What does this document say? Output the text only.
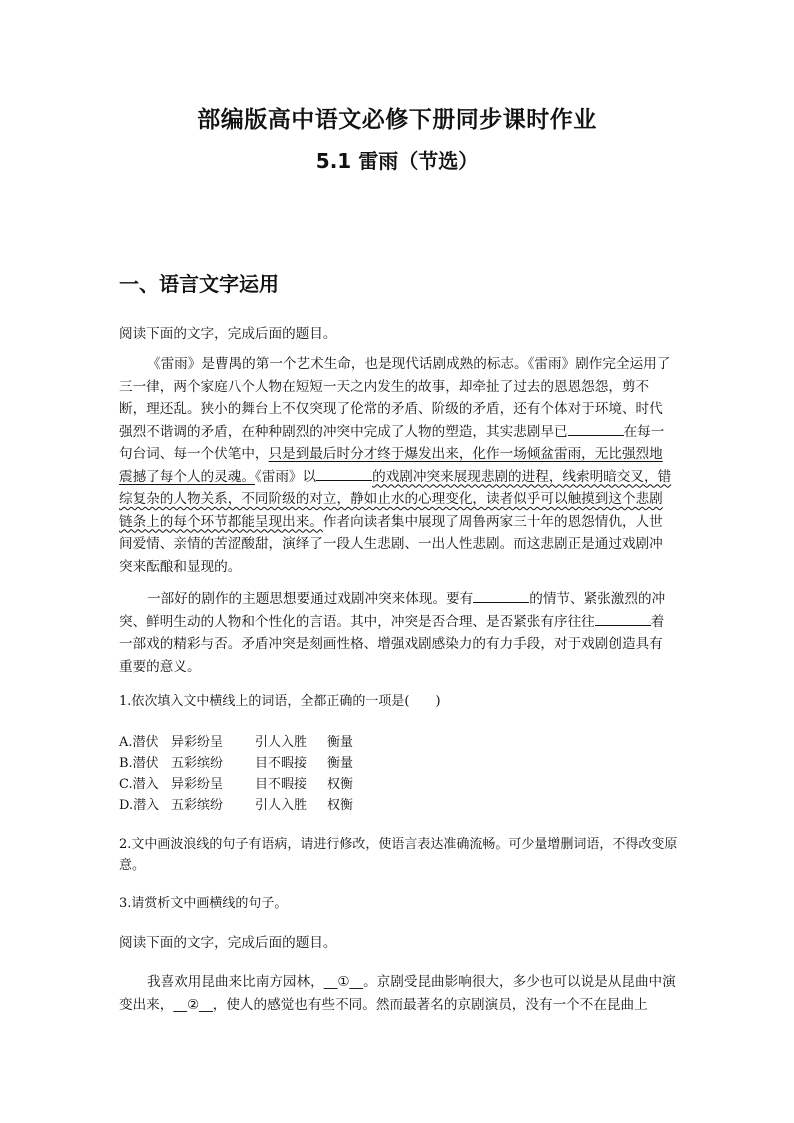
部编版高中语文必修下册同步课时作业
5.1 雷雨（节选）
一、语言文字运用
阅读下面的文字，完成后面的题目。
《雷雨》是曹禺的第一个艺术生命，也是现代话剧成熟的标志。《雷雨》剧作完全运用了三一律，两个家庭八个人物在短短一天之内发生的故事，却牵扯了过去的恩恩怨怨，剪不断，理还乱。狭小的舞台上不仅突现了伦常的矛盾、阶级的矛盾，还有个体对于环境、时代强烈不谐调的矛盾，在种种剧烈的冲突中完成了人物的塑造，其实悲剧早已	在每一句台词、每一个伏笔中，只是到最后时分才终于爆发出来，化作一场倾盆雷雨，无比强烈地震撼了每个人的灵魂。《雷雨》以	的戏剧冲突来展现悲剧的进程，线索明暗交叉，错综复杂的人物关系，不同阶级的对立，静如止水的心理变化，读者似乎可以触摸到这个悲剧链条上的每个环节都能呈现出来。作者向读者集中展现了周鲁两家三十年的恩怨情仇，人世间爱情、亲情的苦涩酸甜，演绎了一段人生悲剧、一出人性悲剧。而这悲剧正是通过戏剧冲突来酝酿和显现的。
一部好的剧作的主题思想要通过戏剧冲突来体现。要有	的情节、紧张激烈的冲突、鲜明生动的人物和个性化的言语。其中，冲突是否合理、是否紧张有序往往	着一部戏的精彩与否。矛盾冲突是刻画性格、增强戏剧感染力的有力手段，对于戏剧创造具有重要的意义。
1.依次填入文中横线上的词语，全都正确的一项是(　　)
A.潜伏 异彩纷呈 引人入胜 衡量
B.潜伏 五彩缤纷 目不暇接 衡量
C.潜入 异彩纷呈 目不暇接 权衡
D.潜入 五彩缤纷 引人入胜 权衡
2.文中画波浪线的句子有语病，请进行修改，使语言表达准确流畅。可少量增删词语，不得改变原意。
3.请赏析文中画横线的句子。
阅读下面的文字，完成后面的题目。
我喜欢用昆曲来比南方园林，__①__。京剧受昆曲影响很大，多少也可以说是从昆曲中演变出来，__②__，使人的感觉也有些不同。然而最著名的京剧演员，没有一个不在昆曲上
